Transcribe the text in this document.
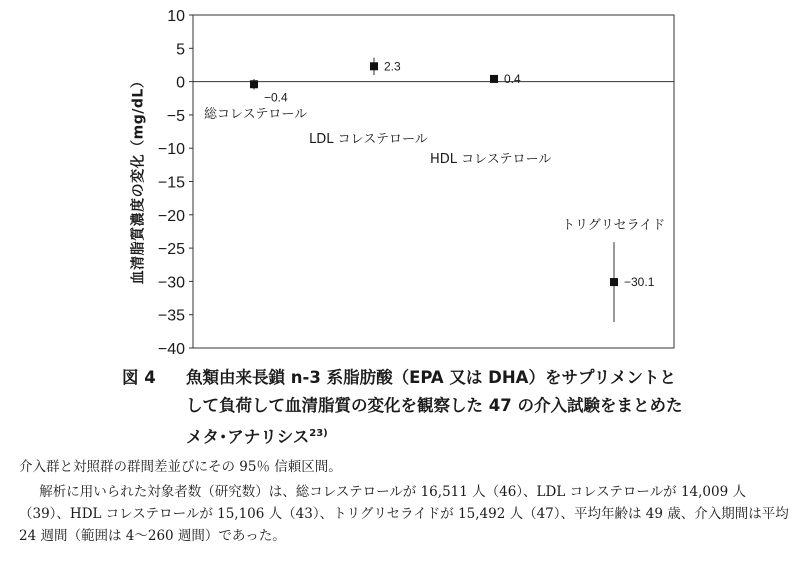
10
5
0
−5
−10
−15
−20
−25
−30
−35
−40
−0.4
総コレステロール
2.3
LDL コレステロール
0.4
HDL コレステロール
−30.1
トリグリセライド
血清脂質濃度の変化（mg/dL）
図 4 魚類由来長鎖 n‑3 系脂肪酸（EPA 又は DHA）をサプリメントとして負荷して血清脂質の変化を観察した 47 の介入試験をまとめたメタ･アナリシス$^{23)}$
介入群と対照群の群間差並びにその 95％ 信頼区間。
解析に用いられた対象者数（研究数）は、総コレステロールが 16,511 人（46）、LDL コレステロールが 14,009 人（39）、HDL コレステロールが 15,106 人（43）、トリグリセライドが 15,492 人（47）、平均年齢は 49 歳、介入期間は平均 24 週間（範囲は 4～260 週間）であった。
